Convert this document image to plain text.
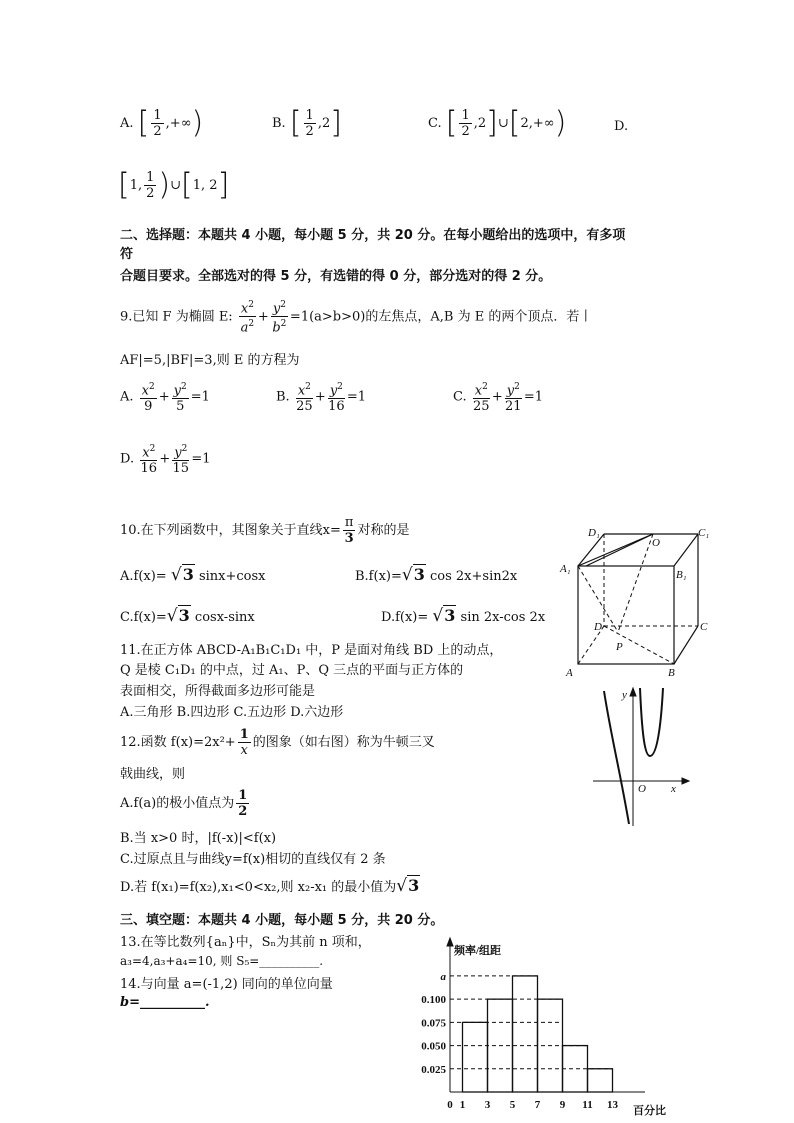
A. [ $\frac{1}{2}$ ,+∞)	B. [ $\frac{1}{2} ,2$]	C. [ $\frac{1}{2}$ ,2]∪[2,+∞)	D.
[1, $\frac{1}{2}$ )∪[1, 2]
二、选择题：本题共 4 小题，每小题 5 分，共 20 分。在每小题给出的选项中，有多项
符
合题目要求。全部选对的得 5 分，有选错的得 0 分，部分选对的得 2 分。
9.已知 F 为椭圆 E: $\frac{x^2}{a^2} + \frac{y^2}{b^2} =1(a>b>0)$的左焦点，A,B 为 E 的两个顶点．若丨
AF|=5,|BF|=3,则 E 的方程为
A. $\frac{x^2}{9} + \frac{y^2}{5} =1$	B. $\frac{x^2}{25} + \frac{y^2}{16} =1$	C. $\frac{x^2}{25} + \frac{y^2}{21} =1$
D. $\frac{x^2}{16} + \frac{y^2}{15} =1$
10.在下列函数中，其图象关于直线$x= \frac{\pi}{3}$ 对称的是
A.f(x)= √3 sinx+cosx	B.f(x)=√3 cos 2x+sin2x
C.f(x)=√3 cosx-sinx	D.f(x)= √3 sin 2x-cos 2x
11.在正方体 ABCD-A₁B₁C₁D₁ 中，P 是面对角线 BD 上的动点，
Q 是棱 C₁D₁ 的中点，过 A₁、P、Q 三点的平面与正方体的
表面相交，所得截面多边形可能是
A.三角形 B.四边形 C.五边形 D.六边形
12.函数 $f(x)=2x^2+ \frac{1}{x}$ 的图象（如右图）称为牛顿三叉
戟曲线，则
A.f(a)的极小值点为 $\frac{1}{2}$
B.当 x>0 时，|f(-x)|<f(x)
C.过原点且与曲线y=f(x)相切的直线仅有 2 条
D.若 f(x₁)=f(x₂),x₁<0<x₂,则 x₂-x₁ 的最小值为√3
三、填空题：本题共 4 小题，每小题 5 分，共 20 分。
13.在等比数列{aₙ}中，Sₙ为其前 n 项和，
a₃=4,a₃+a₄=10, 则 S₅=__________.
14.与向量 a=(-1,2) 同向的单位向量
b=__________.
D₁
O
C₁
A₁	B₁
D	C
P
A	B
y
O x
频率/组距
百分比
a
0.100
0.075
0.050
0.025
0 1 3 5 7 9 11 13
